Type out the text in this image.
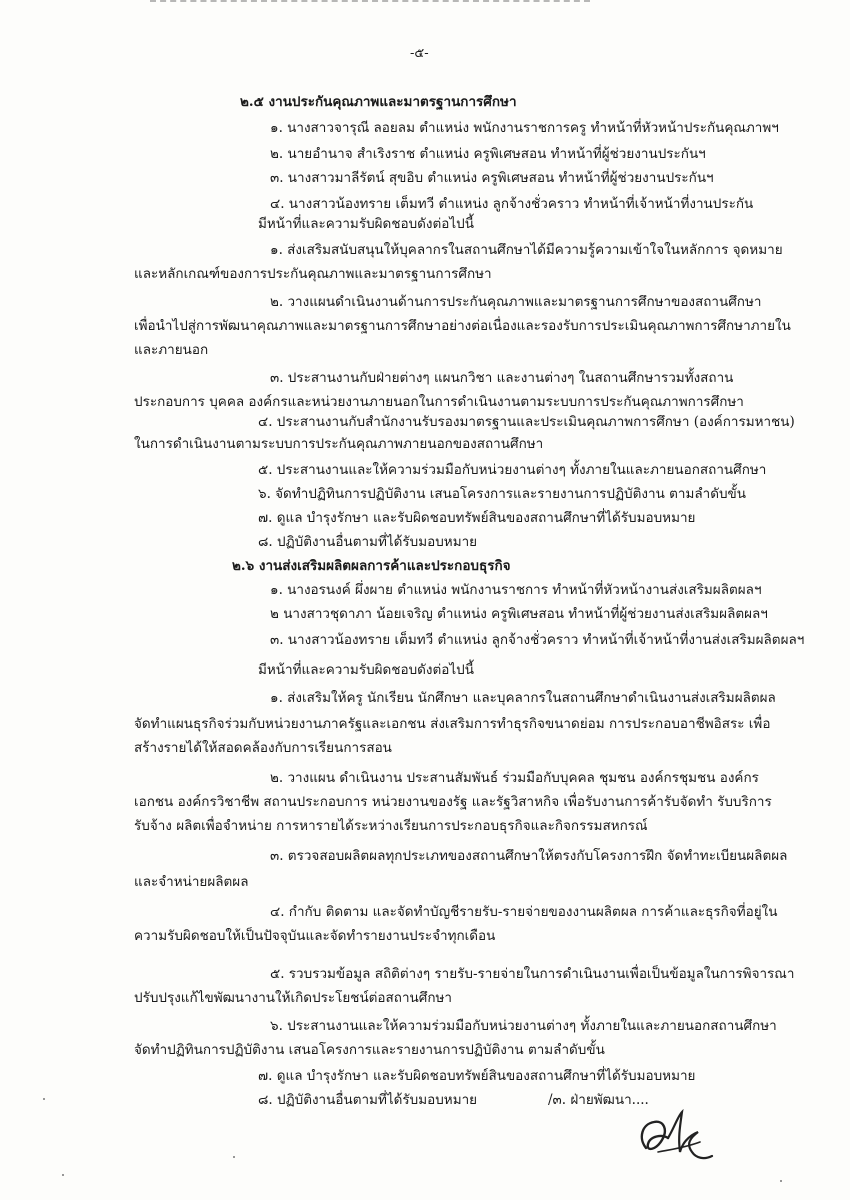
-๕-
๒.๕ งานประกันคุณภาพและมาตรฐานการศึกษา
๑. นางสาวจารุณี ลอยลม ตำแหน่ง พนักงานราชการครู ทำหน้าที่หัวหน้าประกันคุณภาพฯ
๒. นายอำนาจ สำเริงราช ตำแหน่ง ครูพิเศษสอน ทำหน้าที่ผู้ช่วยงานประกันฯ
๓. นางสาวมาลีรัตน์ สุขอิบ ตำแหน่ง ครูพิเศษสอน ทำหน้าที่ผู้ช่วยงานประกันฯ
๔. นางสาวน้องทราย เต็มทวี ตำแหน่ง ลูกจ้างชั่วคราว ทำหน้าที่เจ้าหน้าที่งานประกัน
มีหน้าที่และความรับผิดชอบดังต่อไปนี้
๑. ส่งเสริมสนับสนุนให้บุคลากรในสถานศึกษาได้มีความรู้ความเข้าใจในหลักการ จุดหมาย
และหลักเกณฑ์ของการประกันคุณภาพและมาตรฐานการศึกษา
๒. วางแผนดำเนินงานด้านการประกันคุณภาพและมาตรฐานการศึกษาของสถานศึกษา
เพื่อนำไปสู่การพัฒนาคุณภาพและมาตรฐานการศึกษาอย่างต่อเนื่องและรองรับการประเมินคุณภาพการศึกษาภายใน
และภายนอก
๓. ประสานงานกับฝ่ายต่างๆ แผนกวิชา และงานต่างๆ ในสถานศึกษารวมทั้งสถาน
ประกอบการ บุคคล องค์กรและหน่วยงานภายนอกในการดำเนินงานตามระบบการประกันคุณภาพการศึกษา
๔. ประสานงานกับสำนักงานรับรองมาตรฐานและประเมินคุณภาพการศึกษา (องค์การมหาชน)
ในการดำเนินงานตามระบบการประกันคุณภาพภายนอกของสถานศึกษา
๕. ประสานงานและให้ความร่วมมือกับหน่วยงานต่างๆ ทั้งภายในและภายนอกสถานศึกษา
๖. จัดทำปฏิทินการปฏิบัติงาน เสนอโครงการและรายงานการปฏิบัติงาน ตามลำดับขั้น
๗. ดูแล บำรุงรักษา และรับผิดชอบทรัพย์สินของสถานศึกษาที่ได้รับมอบหมาย
๘. ปฏิบัติงานอื่นตามที่ได้รับมอบหมาย
๒.๖ งานส่งเสริมผลิตผลการค้าและประกอบธุรกิจ
๑. นางอรนงค์ ผึ่งผาย ตำแหน่ง พนักงานราชการ ทำหน้าที่หัวหน้างานส่งเสริมผลิตผลฯ
๒ นางสาวชุดาภา น้อยเจริญ ตำแหน่ง ครูพิเศษสอน ทำหน้าที่ผู้ช่วยงานส่งเสริมผลิตผลฯ
๓. นางสาวน้องทราย เต็มทวี ตำแหน่ง ลูกจ้างชั่วคราว ทำหน้าที่เจ้าหน้าที่งานส่งเสริมผลิตผลฯ
มีหน้าที่และความรับผิดชอบดังต่อไปนี้
๑. ส่งเสริมให้ครู นักเรียน นักศึกษา และบุคลากรในสถานศึกษาดำเนินงานส่งเสริมผลิตผล
จัดทำแผนธุรกิจร่วมกับหน่วยงานภาครัฐและเอกชน ส่งเสริมการทำธุรกิจขนาดย่อม การประกอบอาชีพอิสระ เพื่อ
สร้างรายได้ให้สอดคล้องกับการเรียนการสอน
๒. วางแผน ดำเนินงาน ประสานสัมพันธ์ ร่วมมือกับบุคคล ชุมชน องค์กรชุมชน องค์กร
เอกชน องค์กรวิชาชีพ สถานประกอบการ หน่วยงานของรัฐ และรัฐวิสาหกิจ เพื่อรับงานการค้ารับจัดทำ รับบริการ
รับจ้าง ผลิตเพื่อจำหน่าย การหารายได้ระหว่างเรียนการประกอบธุรกิจและกิจกรรมสหกรณ์
๓. ตรวจสอบผลิตผลทุกประเภทของสถานศึกษาให้ตรงกับโครงการฝึก จัดทำทะเบียนผลิตผล
และจำหน่ายผลิตผล
๔. กำกับ ติดตาม และจัดทำบัญชีรายรับ-รายจ่ายของงานผลิตผล การค้าและธุรกิจที่อยู่ใน
ความรับผิดชอบให้เป็นปัจจุบันและจัดทำรายงานประจำทุกเดือน
๕. รวบรวมข้อมูล สถิติต่างๆ รายรับ-รายจ่ายในการดำเนินงานเพื่อเป็นข้อมูลในการพิจารณา
ปรับปรุงแก้ไขพัฒนางานให้เกิดประโยชน์ต่อสถานศึกษา
๖. ประสานงานและให้ความร่วมมือกับหน่วยงานต่างๆ ทั้งภายในและภายนอกสถานศึกษา
จัดทำปฏิทินการปฏิบัติงาน เสนอโครงการและรายงานการปฏิบัติงาน ตามลำดับขั้น
๗. ดูแล บำรุงรักษา และรับผิดชอบทรัพย์สินของสถานศึกษาที่ได้รับมอบหมาย
๘. ปฏิบัติงานอื่นตามที่ได้รับมอบหมาย	/๓. ฝ่ายพัฒนา....
